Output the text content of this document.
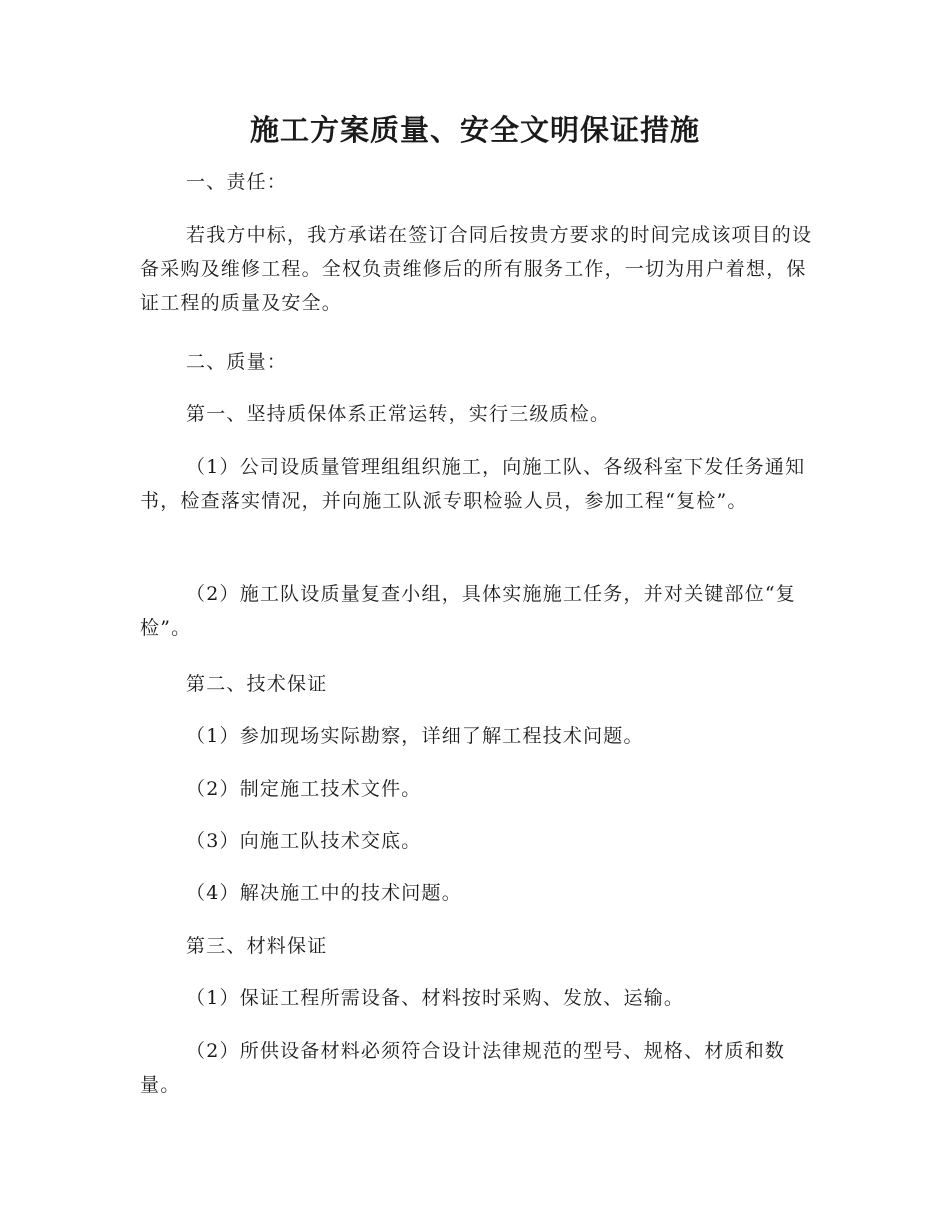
施工方案质量、安全文明保证措施

一、责任：

若我方中标，我方承诺在签订合同后按贵方要求的时间完成该项目的设备采购及维修工程。全权负责维修后的所有服务工作，一切为用户着想，保证工程的质量及安全。

二、质量：

第一、坚持质保体系正常运转，实行三级质检。

（1）公司设质量管理组组织施工，向施工队、各级科室下发任务通知书，检查落实情况，并向施工队派专职检验人员，参加工程“复检”。

（2）施工队设质量复查小组，具体实施施工任务，并对关键部位“复检”。

第二、技术保证

（1）参加现场实际勘察，详细了解工程技术问题。

（2）制定施工技术文件。

（3）向施工队技术交底。

（4）解决施工中的技术问题。

第三、材料保证

（1）保证工程所需设备、材料按时采购、发放、运输。

（2）所供设备材料必须符合设计法律规范的型号、规格、材质和数量。
